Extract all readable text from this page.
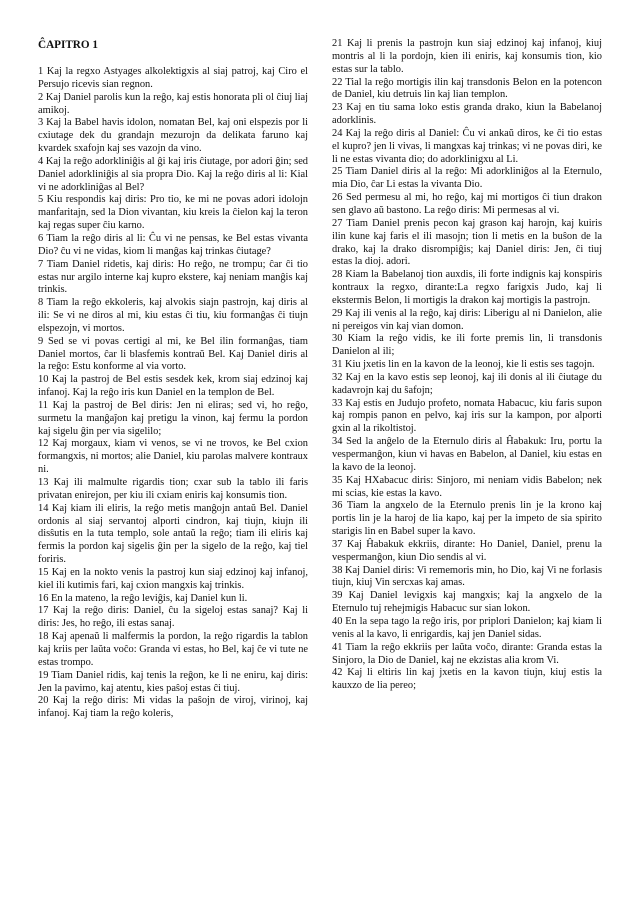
ĈAPITRO 1

1 Kaj la regxo Astyages alkolektigxis al siaj patroj, kaj Ciro el Persujo ricevis sian regnon.

2 Kaj Daniel parolis kun la reĝo, kaj estis honorata pli ol ĉiuj liaj amikoj.

3 Kaj la Babel havis idolon, nomatan Bel, kaj oni elspezis por li cxiutage dek du grandajn mezurojn da delikata faruno kaj kvardek sxafojn kaj ses vazojn da vino.

4 Kaj la reĝo adorkliniĝis al ĝi kaj iris ĉiutage, por adori ĝin; sed Daniel adorkliniĝis al sia propra Dio. Kaj la reĝo diris al li: Kial vi ne adorkliniĝas al Bel?

5 Kiu respondis kaj diris: Pro tio, ke mi ne povas adori idolojn manfaritajn, sed la Dion vivantan, kiu kreis la ĉielon kaj la teron kaj regas super ĉiu karno.

6 Tiam la reĝo diris al li: Ĉu vi ne pensas, ke Bel estas vivanta Dio? ĉu vi ne vidas, kiom li manĝas kaj trinkas ĉiutage?

7 Tiam Daniel ridetis, kaj diris: Ho reĝo, ne trompu; ĉar ĉi tio estas nur argilo interne kaj kupro ekstere, kaj neniam manĝis kaj trinkis.

8 Tiam la reĝo ekkoleris, kaj alvokis siajn pastrojn, kaj diris al ili: Se vi ne diros al mi, kiu estas ĉi tiu, kiu formanĝas ĉi tiujn elspezojn, vi mortos.

9 Sed se vi povas certigi al mi, ke Bel ilin formanĝas, tiam Daniel mortos, ĉar li blasfemis kontraŭ Bel. Kaj Daniel diris al la reĝo: Estu konforme al via vorto.

10 Kaj la pastroj de Bel estis sesdek kek, krom siaj edzinoj kaj infanoj. Kaj la reĝo iris kun Daniel en la templon de Bel.

11 Kaj la pastroj de Bel diris: Jen ni eliras; sed vi, ho reĝo, surmetu la manĝaĵon kaj pretigu la vinon, kaj fermu la pordon kaj sigelu ĝin per via sigelilo;

12 Kaj morgaux, kiam vi venos, se vi ne trovos, ke Bel cxion formangxis, ni mortos; alie Daniel, kiu parolas malvere kontraux ni.

13 Kaj ili malmulte rigardis tion; cxar sub la tablo ili faris privatan enirejon, per kiu ili cxiam eniris kaj konsumis tion.

14 Kaj kiam ili eliris, la reĝo metis manĝojn antaŭ Bel. Daniel ordonis al siaj servantoj alporti cindron, kaj tiujn, kiujn ili disŝutis en la tuta templo, sole antaŭ la reĝo; tiam ili eliris kaj fermis la pordon kaj sigelis ĝin per la sigelo de la reĝo, kaj tiel foriris.

15 Kaj en la nokto venis la pastroj kun siaj edzinoj kaj infanoj, kiel ili kutimis fari, kaj cxion mangxis kaj trinkis.

16 En la mateno, la reĝo leviĝis, kaj Daniel kun li.

17 Kaj la reĝo diris: Daniel, ĉu la sigeloj estas sanaj? Kaj li diris: Jes, ho reĝo, ili estas sanaj.

18 Kaj apenaŭ li malfermis la pordon, la reĝo rigardis la tablon kaj kriis per laŭta voĉo: Granda vi estas, ho Bel, kaj ĉe vi tute ne estas trompo.

19 Tiam Daniel ridis, kaj tenis la reĝon, ke li ne eniru, kaj diris: Jen la pavimo, kaj atentu, kies paŝoj estas ĉi tiuj.

20 Kaj la reĝo diris: Mi vidas la paŝojn de viroj, virinoj, kaj infanoj. Kaj tiam la reĝo koleris,

21 Kaj li prenis la pastrojn kun siaj edzinoj kaj infanoj, kiuj montris al li la pordojn, kien ili eniris, kaj konsumis tion, kio estas sur la tablo.

22 Tial la reĝo mortigis ilin kaj transdonis Belon en la potencon de Daniel, kiu detruis lin kaj lian templon.

23 Kaj en tiu sama loko estis granda drako, kiun la Babelanoj adorklinis.

24 Kaj la reĝo diris al Daniel: Ĉu vi ankaŭ diros, ke ĉi tio estas el kupro? jen li vivas, li mangxas kaj trinkas; vi ne povas diri, ke li ne estas vivanta dio; do adorklinigxu al Li.

25 Tiam Daniel diris al la reĝo: Mi adorkliniĝos al la Eternulo, mia Dio, ĉar Li estas la vivanta Dio.

26 Sed permesu al mi, ho reĝo, kaj mi mortigos ĉi tiun drakon sen glavo aŭ bastono. La reĝo diris: Mi permesas al vi.

27 Tiam Daniel prenis pecon kaj grason kaj harojn, kaj kuiris ilin kune kaj faris el ili masojn; tion li metis en la buŝon de la drako, kaj la drako disrompiĝis; kaj Daniel diris: Jen, ĉi tiuj estas la dioj. adori.

28 Kiam la Babelanoj tion auxdis, ili forte indignis kaj konspiris kontraux la regxo, dirante:La regxo farigxis Judo, kaj li ekstermis Belon, li mortigis la drakon kaj mortigis la pastrojn.

29 Kaj ili venis al la reĝo, kaj diris: Liberigu al ni Danielon, alie ni pereigos vin kaj vian domon.

30 Kiam la reĝo vidis, ke ili forte premis lin, li transdonis Danielon al ili;

31 Kiu jxetis lin en la kavon de la leonoj, kie li estis ses tagojn.

32 Kaj en la kavo estis sep leonoj, kaj ili donis al ili ĉiutage du kadavrojn kaj du ŝafojn;

33 Kaj estis en Judujo profeto, nomata Habacuc, kiu faris supon kaj rompis panon en pelvo, kaj iris sur la kampon, por alporti gxin al la rikoltistoj.

34 Sed la anĝelo de la Eternulo diris al Ĥabakuk: Iru, portu la vespermanĝon, kiun vi havas en Babelon, al Daniel, kiu estas en la kavo de la leonoj.

35 Kaj HXabacuc diris: Sinjoro, mi neniam vidis Babelon; nek mi scias, kie estas la kavo.

36 Tiam la angxelo de la Eternulo prenis lin je la krono kaj portis lin je la haroj de lia kapo, kaj per la impeto de sia spirito starigis lin en Babel super la kavo.

37 Kaj Ĥabakuk ekkriis, dirante: Ho Daniel, Daniel, prenu la vespermanĝon, kiun Dio sendis al vi.

38 Kaj Daniel diris: Vi rememoris min, ho Dio, kaj Vi ne forlasis tiujn, kiuj Vin sercxas kaj amas.

39 Kaj Daniel levigxis kaj mangxis; kaj la angxelo de la Eternulo tuj rehejmigis Habacuc sur sian lokon.

40 En la sepa tago la reĝo iris, por priplori Danielon; kaj kiam li venis al la kavo, li enrigardis, kaj jen Daniel sidas.

41 Tiam la reĝo ekkriis per laŭta voĉo, dirante: Granda estas la Sinjoro, la Dio de Daniel, kaj ne ekzistas alia krom Vi.

42 Kaj li eltiris lin kaj jxetis en la kavon tiujn, kiuj estis la kauxzo de lia pereo;
